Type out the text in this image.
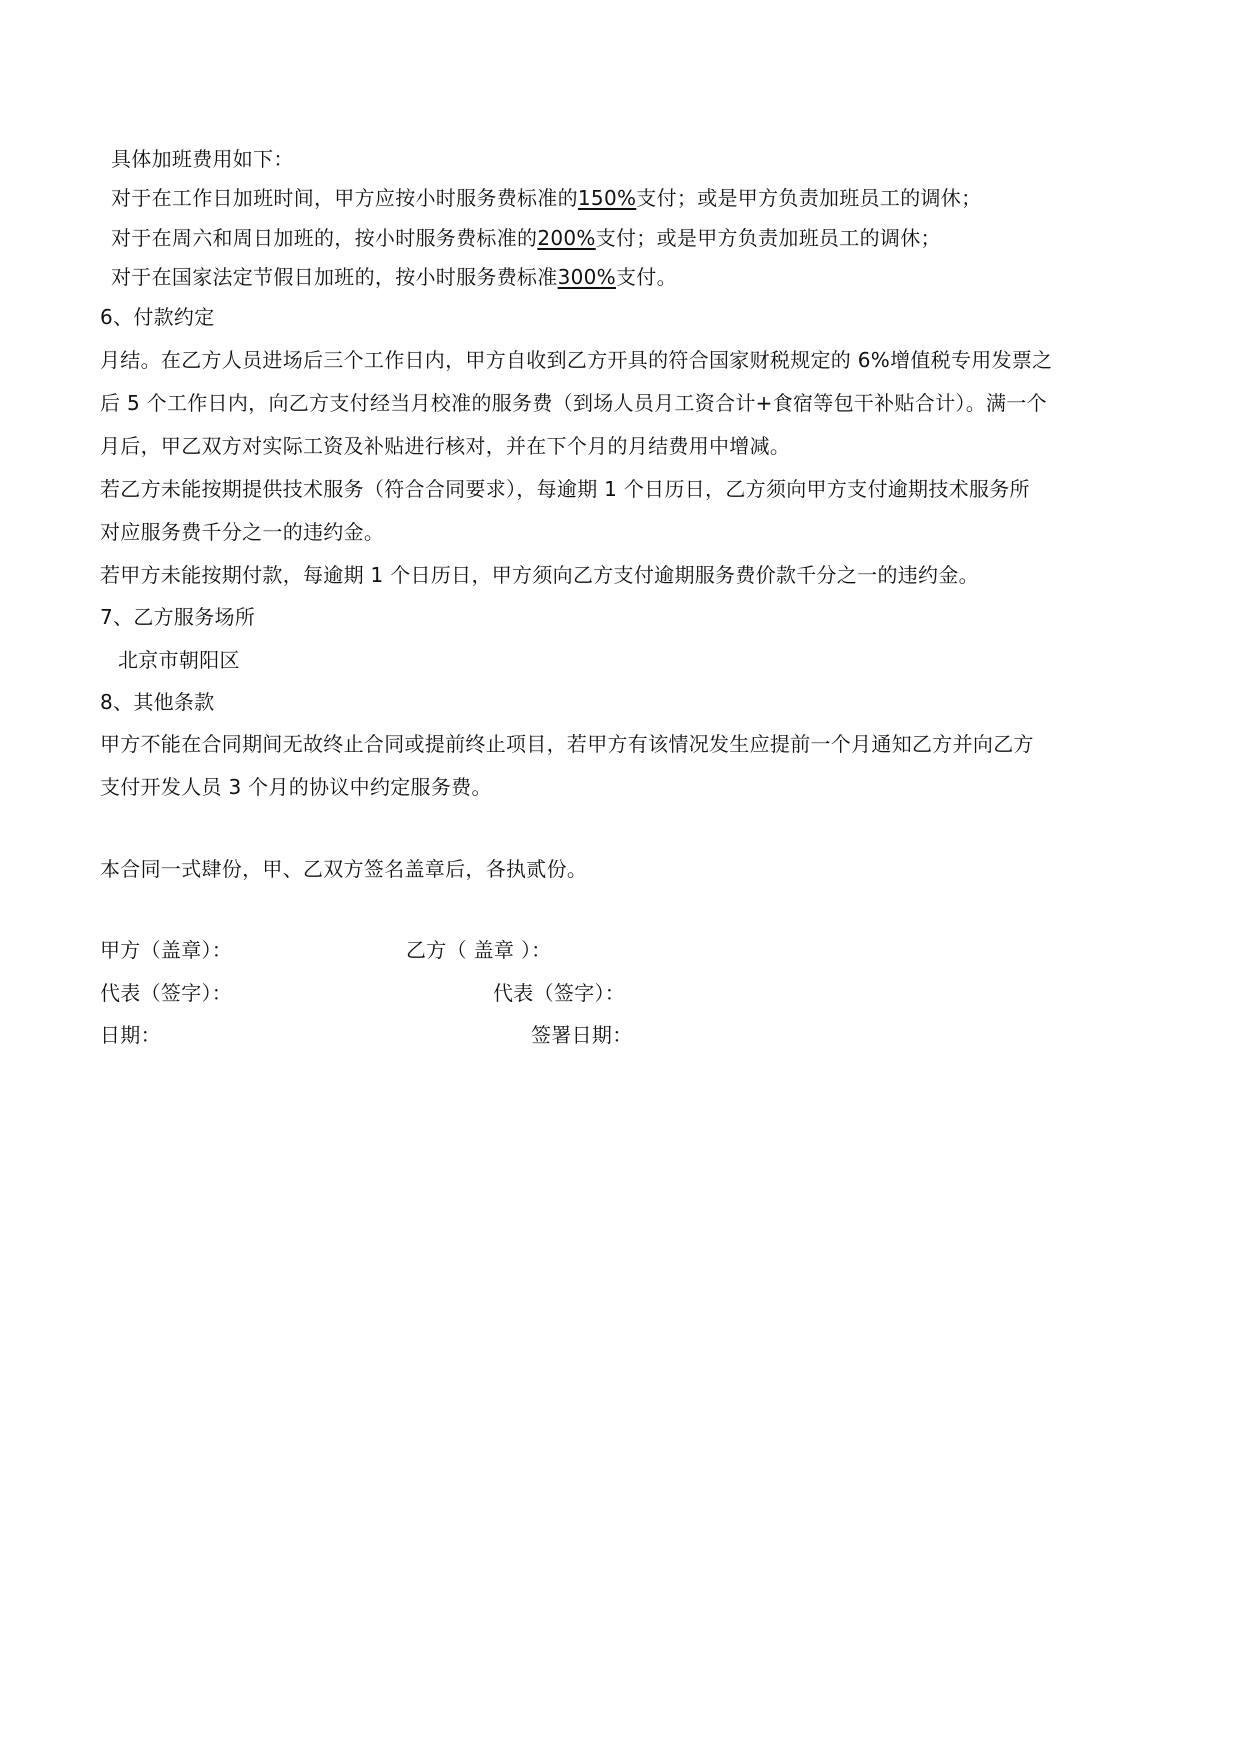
具体加班费用如下：
对于在工作日加班时间，甲方应按小时服务费标准的150%支付；或是甲方负责加班员工的调休；
对于在周六和周日加班的，按小时服务费标准的200%支付；或是甲方负责加班员工的调休；
对于在国家法定节假日加班的，按小时服务费标准300%支付。
6、付款约定
月结。在乙方人员进场后三个工作日内，甲方自收到乙方开具的符合国家财税规定的 6%增值税专用发票之
后 5 个工作日内，向乙方支付经当月校准的服务费（到场人员月工资合计+食宿等包干补贴合计）。满一个
月后，甲乙双方对实际工资及补贴进行核对，并在下个月的月结费用中增减。
若乙方未能按期提供技术服务（符合合同要求），每逾期 1 个日历日，乙方须向甲方支付逾期技术服务所
对应服务费千分之一的违约金。
若甲方未能按期付款，每逾期 1 个日历日，甲方须向乙方支付逾期服务费价款千分之一的违约金。
7、乙方服务场所
北京市朝阳区
8、其他条款
甲方不能在合同期间无故终止合同或提前终止项目，若甲方有该情况发生应提前一个月通知乙方并向乙方
支付开发人员 3 个月的协议中约定服务费。
本合同一式肆份，甲、乙双方签名盖章后，各执贰份。
甲方（盖章）：	乙方（ 盖章 ）：
代表（签字）：	代表（签字）：
日期：	签署日期：
